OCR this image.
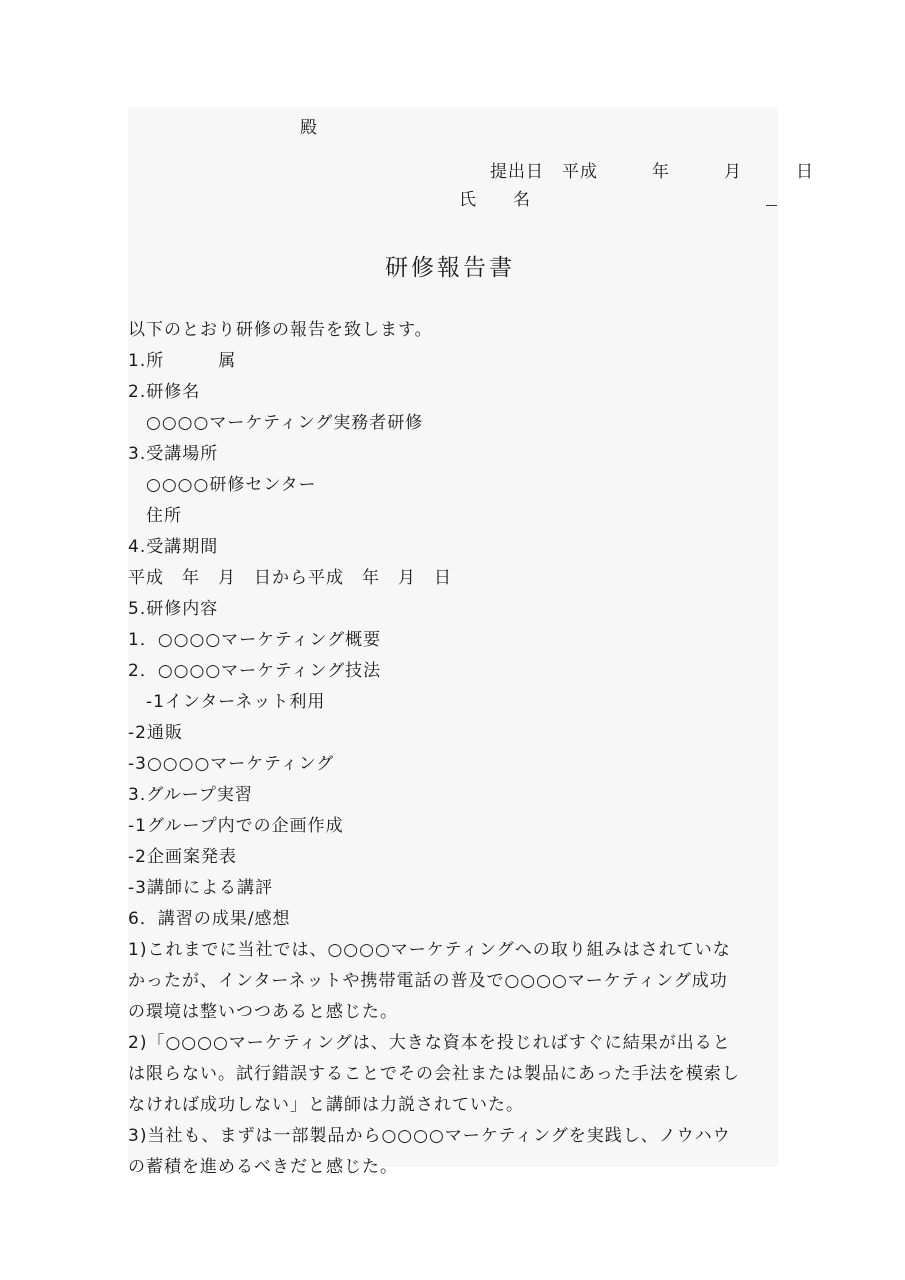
殿
提出日　平成　　　年　　　月　　　日
氏　　名
研修報告書
以下のとおり研修の報告を致します。
1.所　　　属
2.研修名
　○○○○マーケティング実務者研修
3.受講場所
　○○○○研修センター
　住所
4.受講期間
平成　年　月　日から平成　年　月　日
5.研修内容
1．○○○○マーケティング概要
2．○○○○マーケティング技法
　-1インターネット利用
-2通販
-3○○○○マーケティング
3.グループ実習
-1グループ内での企画作成
-2企画案発表
-3講師による講評
6．講習の成果/感想
1)これまでに当社では、○○○○マーケティングへの取り組みはされていな
かったが、インターネットや携帯電話の普及で○○○○マーケティング成功
の環境は整いつつあると感じた。
2)「○○○○マーケティングは、大きな資本を投じればすぐに結果が出ると
は限らない。試行錯誤することでその会社または製品にあった手法を模索し
なければ成功しない」と講師は力説されていた。
3)当社も、まずは一部製品から○○○○マーケティングを実践し、ノウハウ
の蓄積を進めるべきだと感じた。
